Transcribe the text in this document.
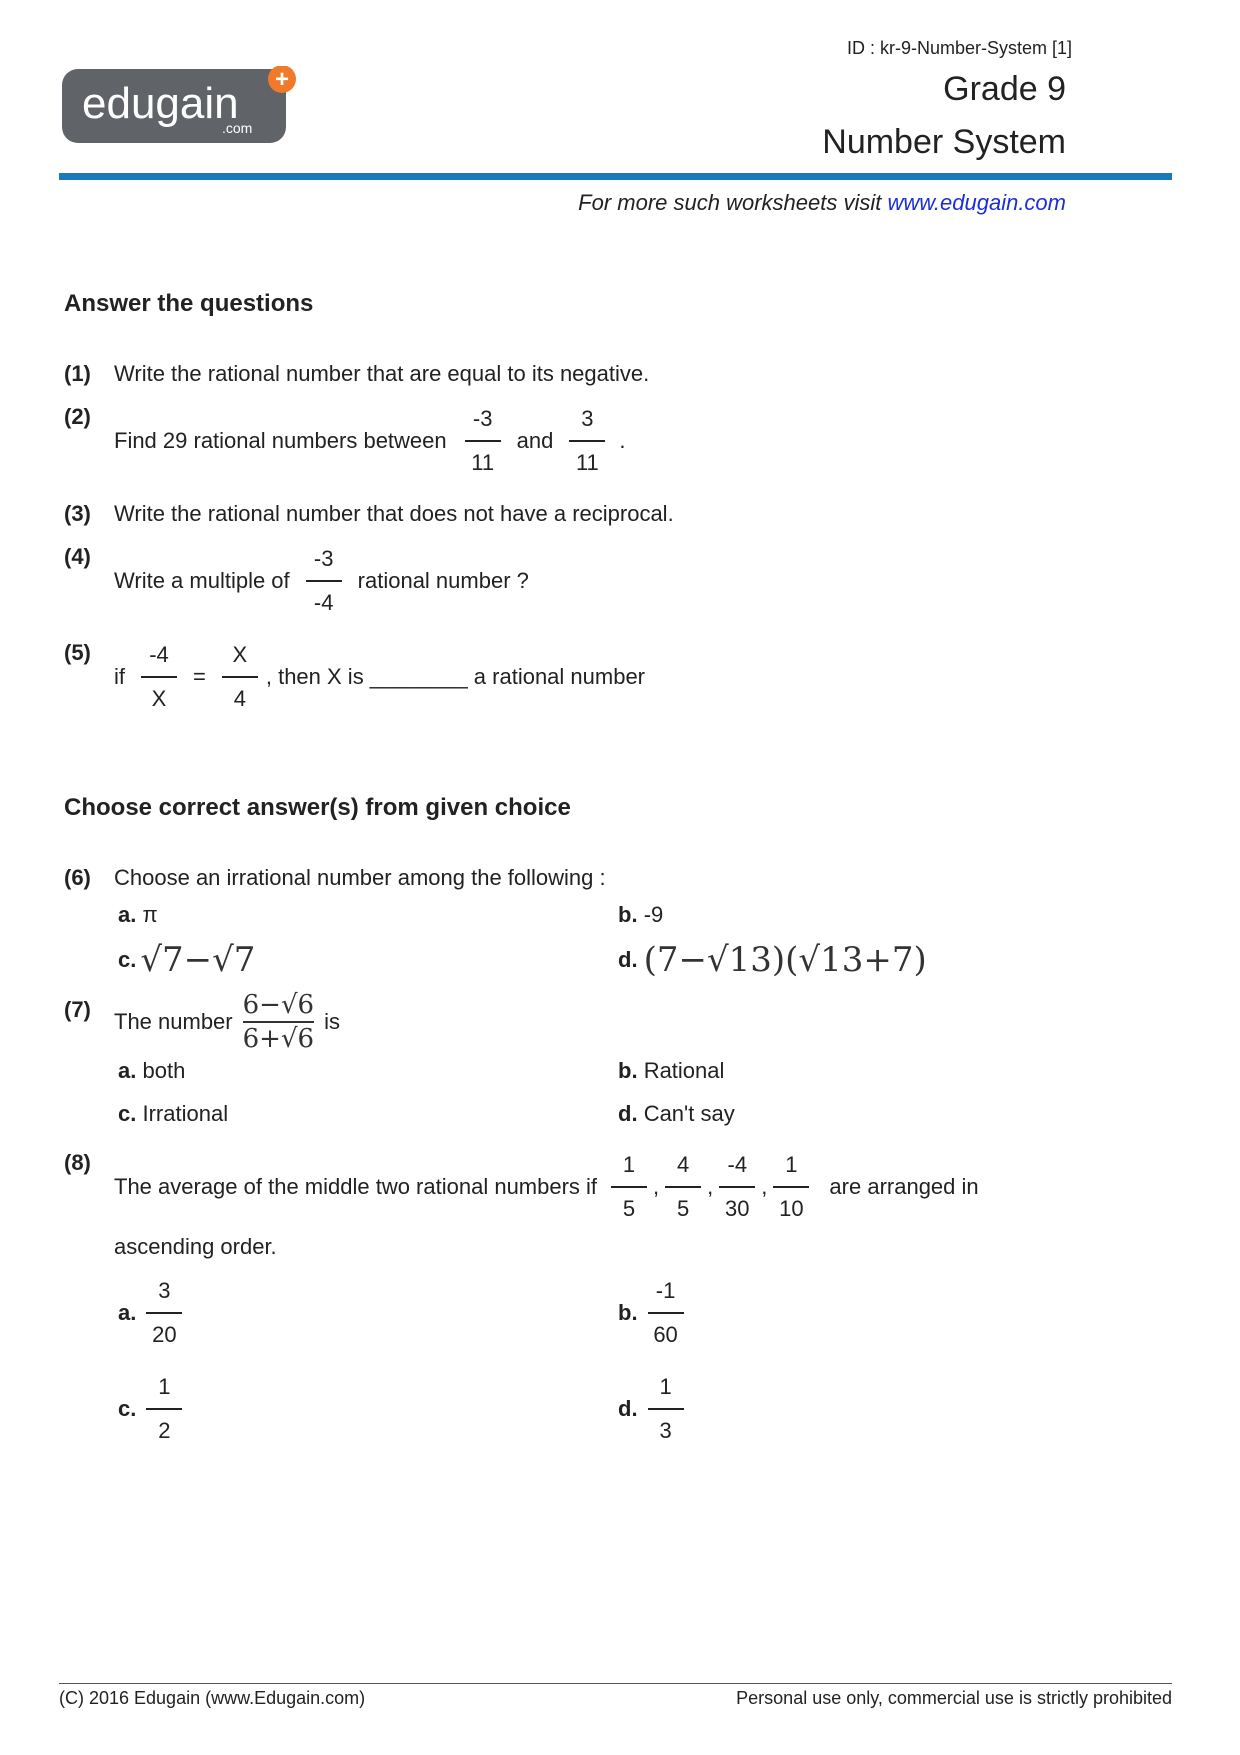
ID : kr-9-Number-System [1]
Grade 9
Number System
edugain
.com
+
For more such worksheets visit www.edugain.com
Answer the questions
(1) Write the rational number that are equal to its negative.
(2)
Find 29 rational numbers between $\frac{-3}{11}$ and $\frac{3}{11}$ .
(3) Write the rational number that does not have a reciprocal.
(4)
Write a multiple of $\frac{-3}{-4}$ rational number ?
(5)
if $\frac{-4}{X} = \frac{X}{4}$ , then X is ________ a rational number
Choose correct answer(s) from given choice
(6) Choose an irrational number among the following :
a. π	b. -9
c. √7−√7	d. (7−√13)(√13+7)
(7) The number $\frac{6-√6}{6+√6}$ is
a. both	b. Rational
c. Irrational	d. Can't say
(8)
The average of the middle two rational numbers if $\frac{1}{5}$ , $\frac{4}{5}$ , $\frac{-4}{30}$ , $\frac{1}{10}$ are arranged in
ascending order.
a. $\frac{3}{20}$	b. $\frac{-1}{60}$
c. $\frac{1}{2}$	d. $\frac{1}{3}$
(C) 2016 Edugain (www.Edugain.com)	Personal use only, commercial use is strictly prohibited
